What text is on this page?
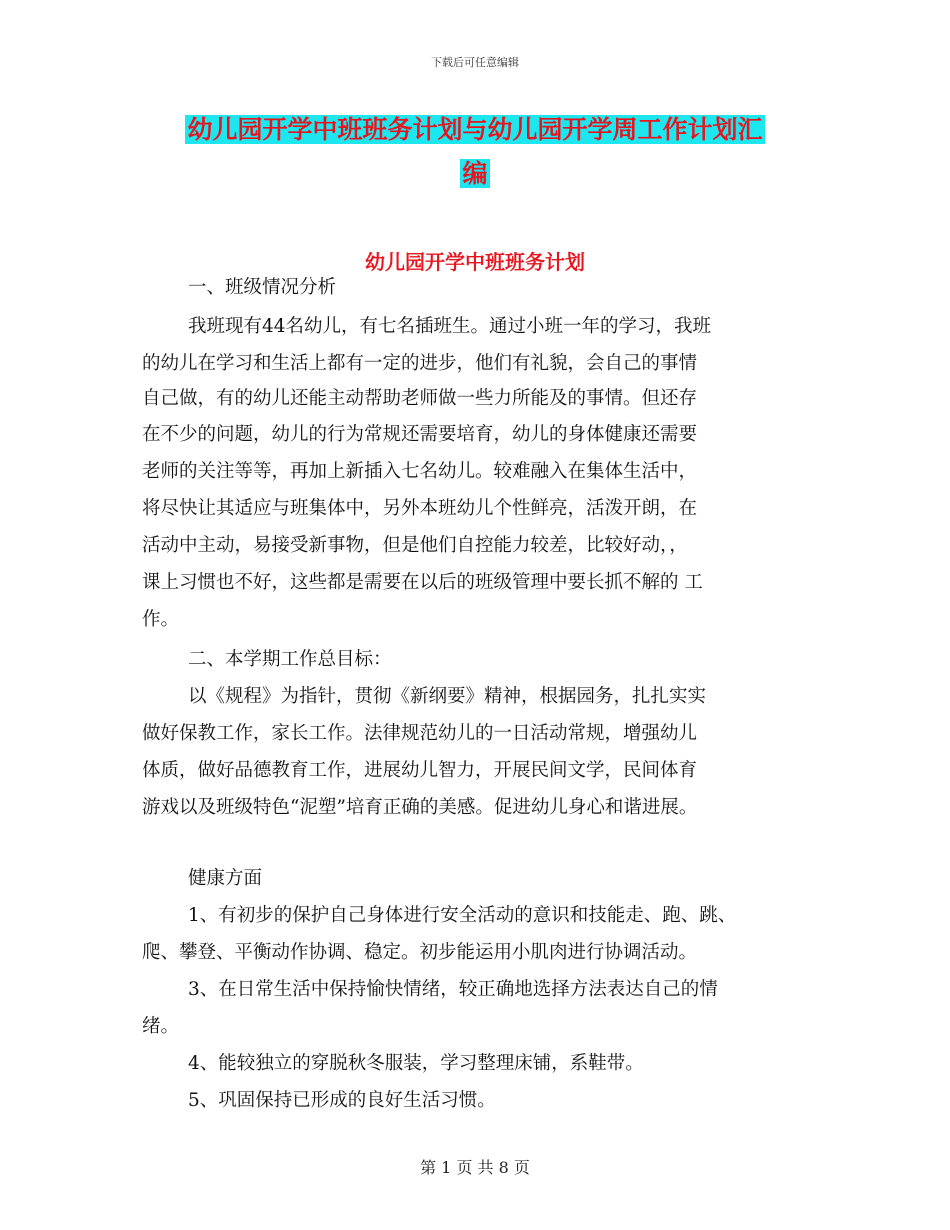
下载后可任意编辑
幼儿园开学中班班务计划与幼儿园开学周工作计划汇
编
幼儿园开学中班班务计划
一、班级情况分析
我班现有44名幼儿，有七名插班生。通过小班一年的学习，我班
的幼儿在学习和生活上都有一定的进步，他们有礼貌，会自己的事情
自己做，有的幼儿还能主动帮助老师做一些力所能及的事情。但还存
在不少的问题，幼儿的行为常规还需要培育，幼儿的身体健康还需要
老师的关注等等，再加上新插入七名幼儿。较难融入在集体生活中，
将尽快让其适应与班集体中，另外本班幼儿个性鲜亮，活泼开朗，在
活动中主动，易接受新事物，但是他们自控能力较差，比较好动，，
课上习惯也不好，这些都是需要在以后的班级管理中要长抓不解的 工
作。
二、本学期工作总目标：
以《规程》为指针，贯彻《新纲要》精神，根据园务，扎扎实实
做好保教工作，家长工作。法律规范幼儿的一日活动常规，增强幼儿
体质，做好品德教育工作，进展幼儿智力，开展民间文学，民间体育
游戏以及班级特色“泥塑”培育正确的美感。促进幼儿身心和谐进展。
健康方面
1、有初步的保护自己身体进行安全活动的意识和技能走、跑、跳、
爬、攀登、平衡动作协调、稳定。初步能运用小肌肉进行协调活动。
3、在日常生活中保持愉快情绪，较正确地选择方法表达自己的情
绪。
4、能较独立的穿脱秋冬服装，学习整理床铺，系鞋带。
5、巩固保持已形成的良好生活习惯。
第 1 页 共 8 页
